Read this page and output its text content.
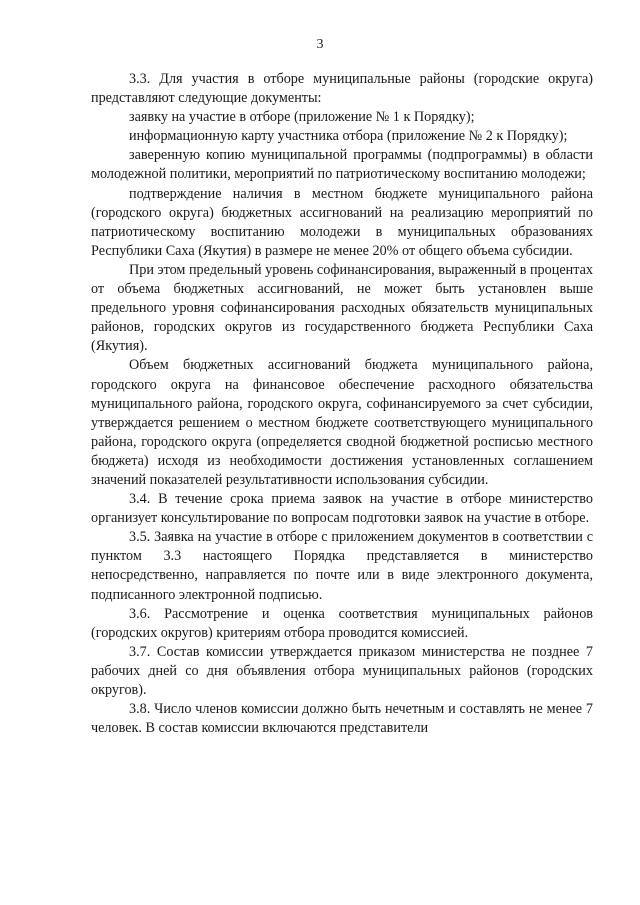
3

3.3. Для участия в отборе муниципальные районы (городские округа) представляют следующие документы:

заявку на участие в отборе (приложение № 1 к Порядку);

информационную карту участника отбора (приложение № 2 к Порядку);

заверенную копию муниципальной программы (подпрограммы) в области молодежной политики, мероприятий по патриотическому воспитанию молодежи;

подтверждение наличия в местном бюджете муниципального района (городского округа) бюджетных ассигнований на реализацию мероприятий по патриотическому воспитанию молодежи в муниципальных образованиях Республики Саха (Якутия) в размере не менее 20% от общего объема субсидии.

При этом предельный уровень софинансирования, выраженный в процентах от объема бюджетных ассигнований, не может быть установлен выше предельного уровня софинансирования расходных обязательств муниципальных районов, городских округов из государственного бюджета Республики Саха (Якутия).

Объем бюджетных ассигнований бюджета муниципального района, городского округа на финансовое обеспечение расходного обязательства муниципального района, городского округа, софинансируемого за счет субсидии, утверждается решением о местном бюджете соответствующего муниципального района, городского округа (определяется сводной бюджетной росписью местного бюджета) исходя из необходимости достижения установленных соглашением значений показателей результативности использования субсидии.

3.4. В течение срока приема заявок на участие в отборе министерство организует консультирование по вопросам подготовки заявок на участие в отборе.

3.5. Заявка на участие в отборе с приложением документов в соответствии с пунктом 3.3 настоящего Порядка представляется в министерство непосредственно, направляется по почте или в виде электронного документа, подписанного электронной подписью.

3.6. Рассмотрение и оценка соответствия муниципальных районов (городских округов) критериям отбора проводится комиссией.

3.7. Состав комиссии утверждается приказом министерства не позднее 7 рабочих дней со дня объявления отбора муниципальных районов (городских округов).

3.8. Число членов комиссии должно быть нечетным и составлять не менее 7 человек. В состав комиссии включаются представители
